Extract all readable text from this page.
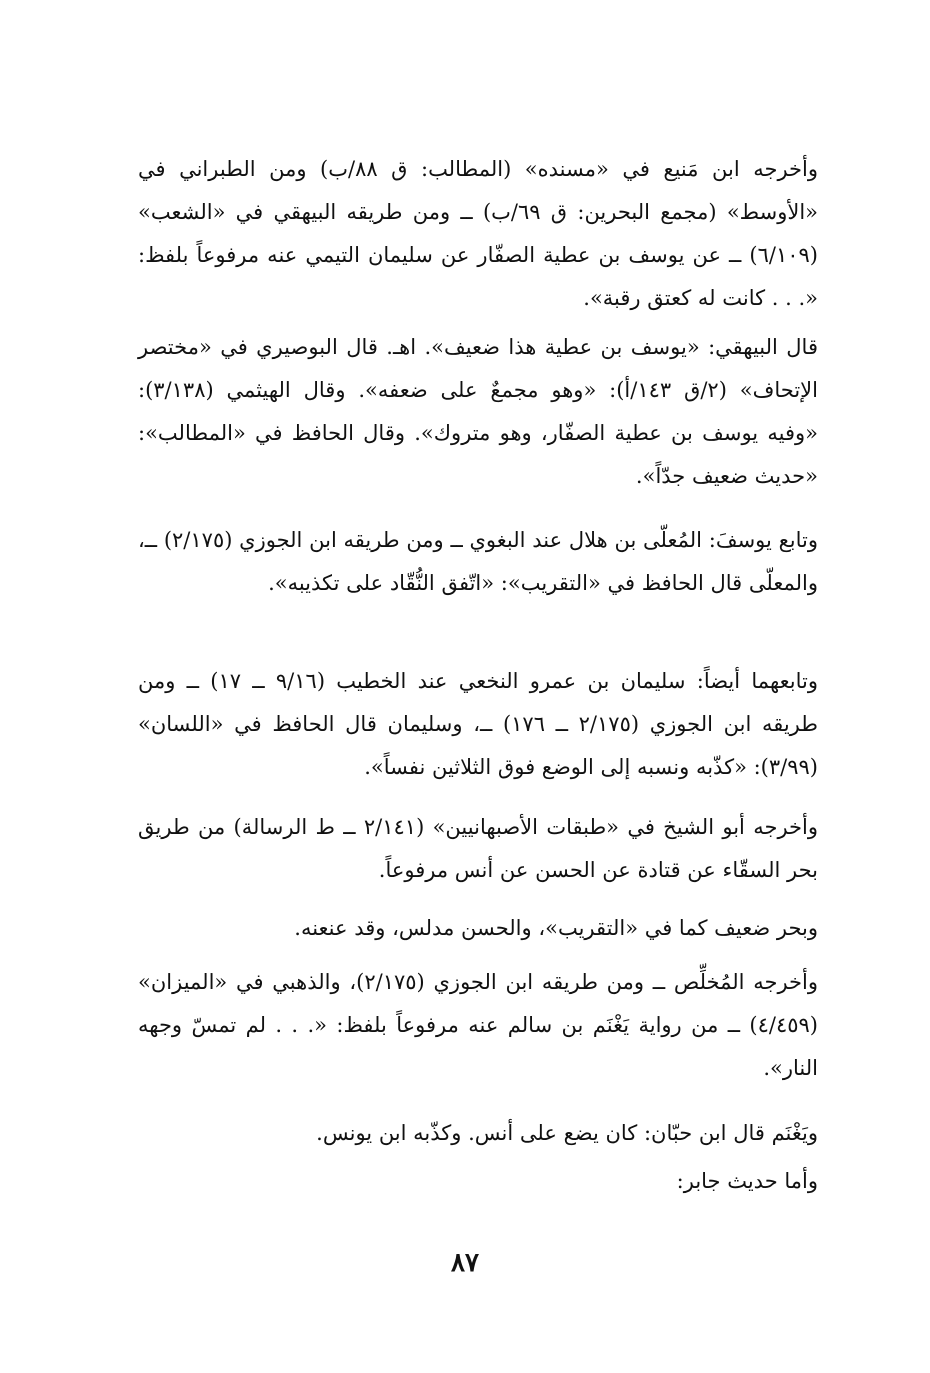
وأخرجه ابن مَنيع في «مسنده» (المطالب: ق ٨٨/ب) ومن الطبراني في «الأوسط» (مجمع البحرين: ق ٦٩/ب) ــ ومن طريقه البيهقي في «الشعب» (٦/١٠٩) ــ عن يوسف بن عطية الصفّار عن سليمان التيمي عنه مرفوعاً بلفظ: «. . . كانت له كعتق رقبة».

قال البيهقي: «يوسف بن عطية هذا ضعيف». اهـ. قال البوصيري في «مختصر الإتحاف» (٢/ق ١٤٣/أ): «وهو مجمعٌ على ضعفه». وقال الهيثمي (٣/١٣٨): «وفيه يوسف بن عطية الصفّار، وهو متروك». وقال الحافظ في «المطالب»: «حديث ضعيف جدّاً».

وتابع يوسفَ: المُعلّى بن هلال عند البغوي ــ ومن طريقه ابن الجوزي (٢/١٧٥) ــ، والمعلّى قال الحافظ في «التقريب»: «اتّفق النُّقّاد على تكذيبه».

وتابعهما أيضاً: سليمان بن عمرو النخعي عند الخطيب (٩/١٦ ــ ١٧) ــ ومن طريقه ابن الجوزي (٢/١٧٥ ــ ١٧٦) ــ، وسليمان قال الحافظ في «اللسان» (٣/٩٩): «كذّبه ونسبه إلى الوضع فوق الثلاثين نفساً».

وأخرجه أبو الشيخ في «طبقات الأصبهانيين» (٢/١٤١ ــ ط الرسالة) من طريق بحر السقّاء عن قتادة عن الحسن عن أنس مرفوعاً.

وبحر ضعيف كما في «التقريب»، والحسن مدلس، وقد عنعنه.

وأخرجه المُخلِّص ــ ومن طريقه ابن الجوزي (٢/١٧٥)، والذهبي في «الميزان» (٤/٤٥٩) ــ من رواية يَغْنَم بن سالم عنه مرفوعاً بلفظ: «. . . لم تمسّ وجهه النار».

ويَغْنَم قال ابن حبّان: كان يضع على أنس. وكذّبه ابن يونس.

وأما حديث جابر:

٨٧
